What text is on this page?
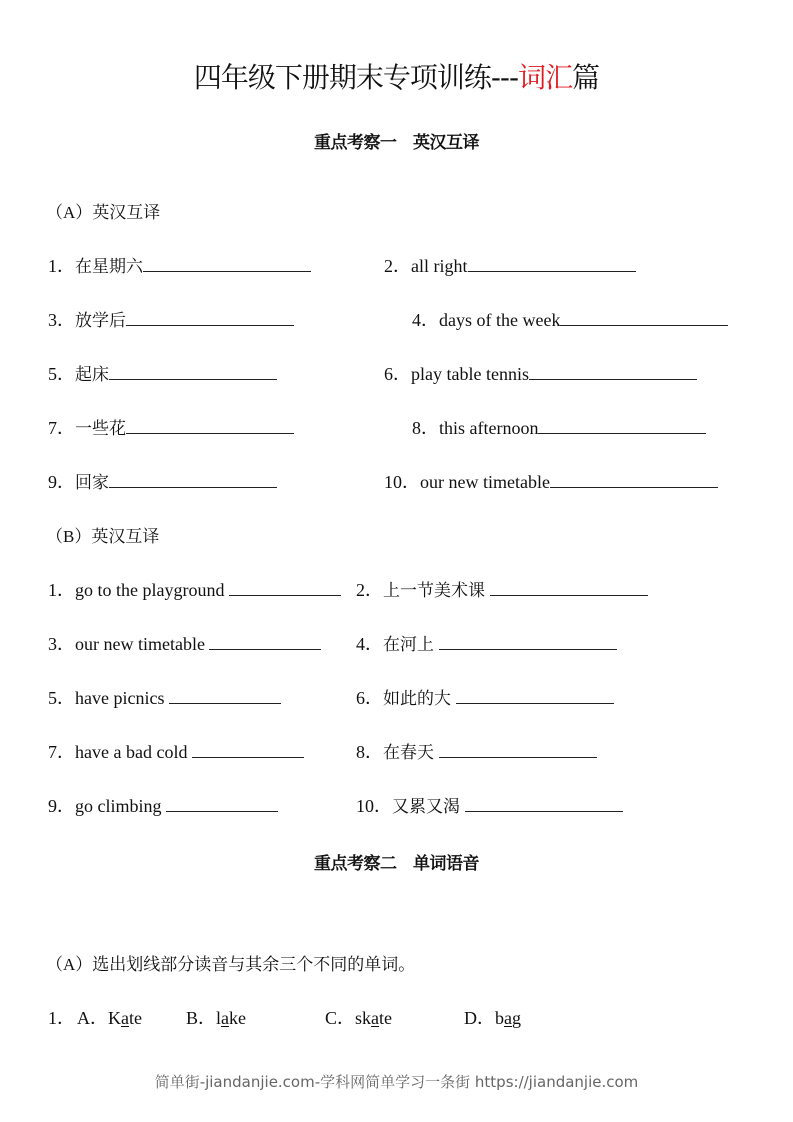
四年级下册期末专项训练---词汇篇
重点考察一　英汉互译
（A）英汉互译
1．在星期六	2．all right
3．放学后	4．days of the week
5．起床	6．play table tennis
7．一些花	8．this afternoon
9．回家	10．our new timetable
（B）英汉互译
1．go to the playground	2．上一节美术课
3．our new timetable	4．在河上
5．have picnics	6．如此的大
7．have a bad cold	8．在春天
9．go climbing	10．又累又渴
重点考察二　单词语音
（A）选出划线部分读音与其余三个不同的单词。
1． A．Kate B．lake	C．skate	D．bag
简单街-jiandanjie.com-学科网简单学习一条街 https://jiandanjie.com
